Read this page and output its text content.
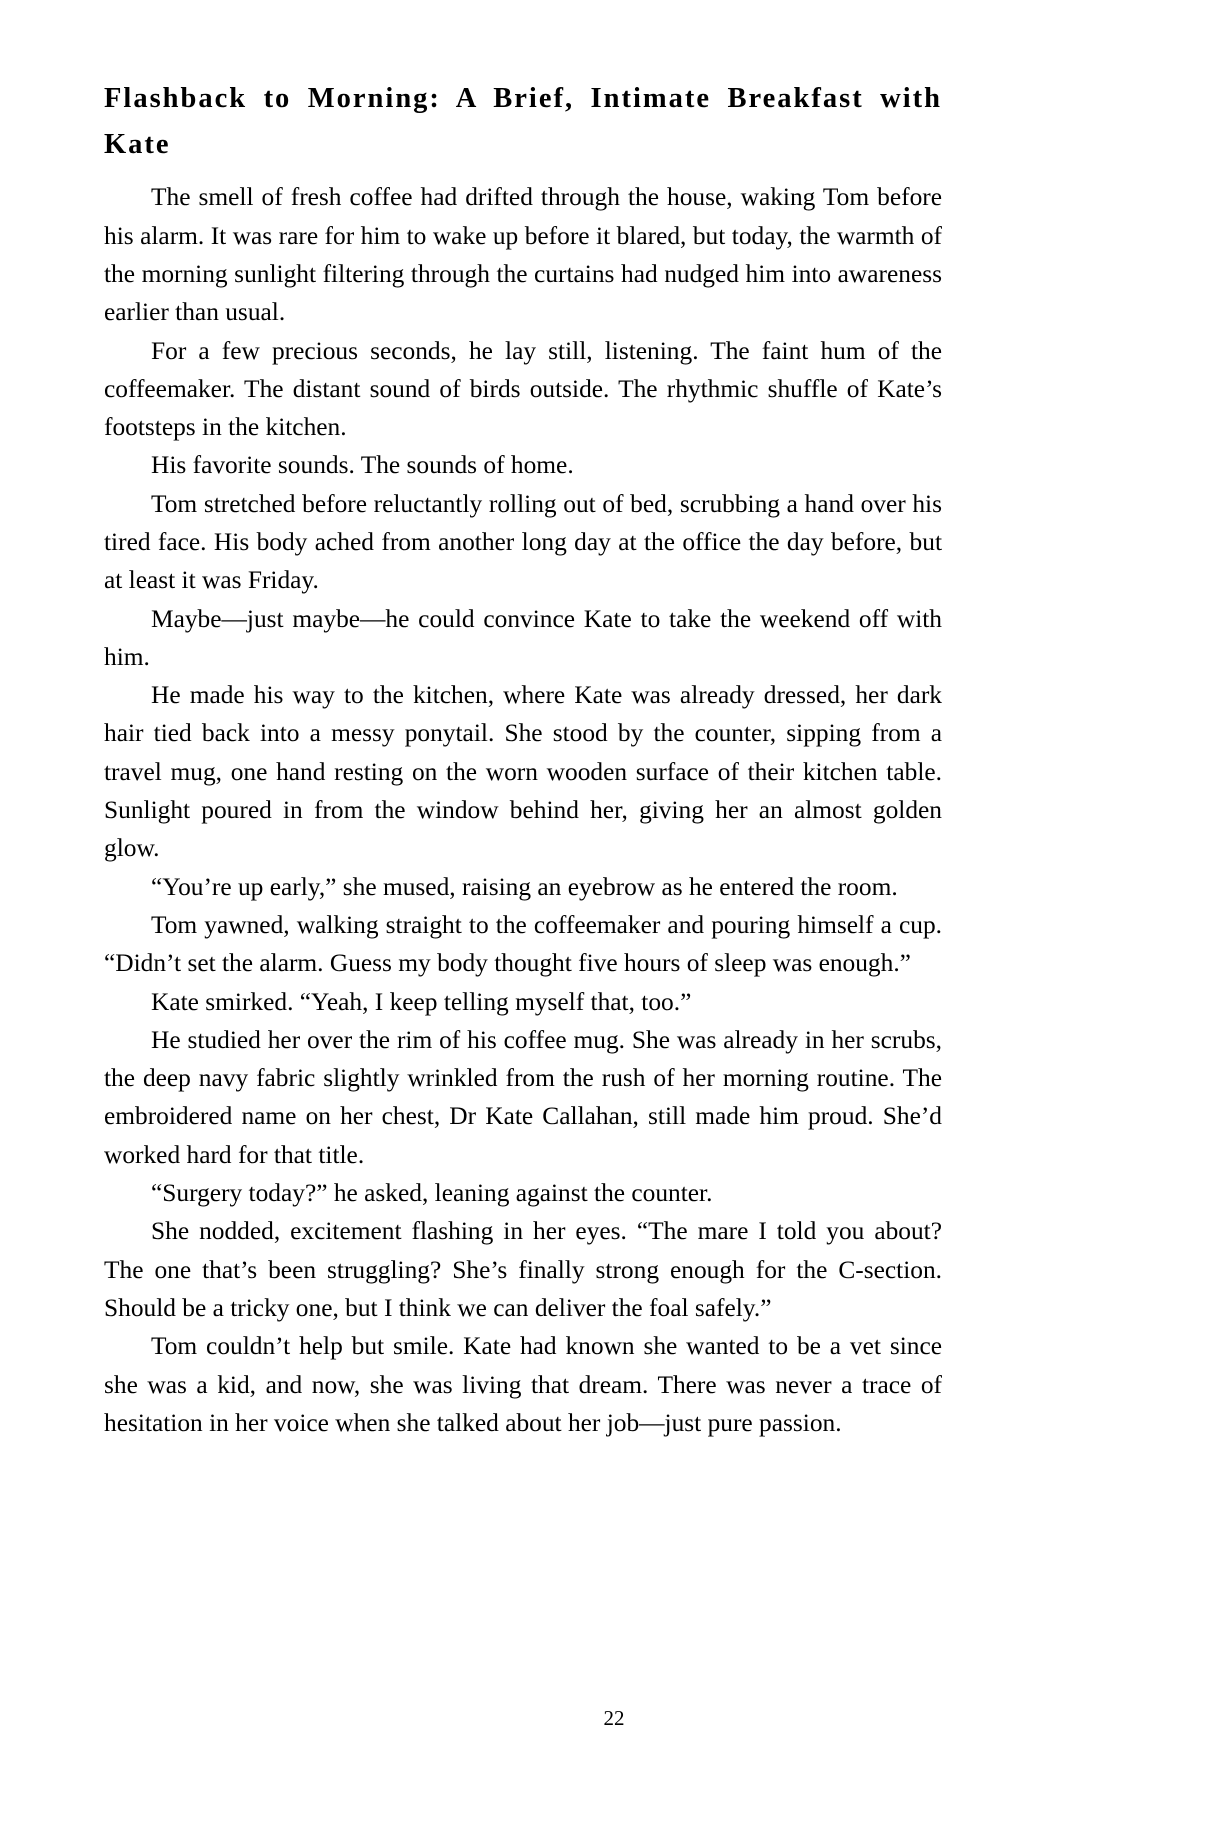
Flashback to Morning: A Brief, Intimate Breakfast with Kate

The smell of fresh coffee had drifted through the house, waking Tom before his alarm. It was rare for him to wake up before it blared, but today, the warmth of the morning sunlight filtering through the curtains had nudged him into awareness earlier than usual.

For a few precious seconds, he lay still, listening. The faint hum of the coffeemaker. The distant sound of birds outside. The rhythmic shuffle of Kate’s footsteps in the kitchen.

His favorite sounds. The sounds of home.

Tom stretched before reluctantly rolling out of bed, scrubbing a hand over his tired face. His body ached from another long day at the office the day before, but at least it was Friday.

Maybe—just maybe—he could convince Kate to take the weekend off with him.

He made his way to the kitchen, where Kate was already dressed, her dark hair tied back into a messy ponytail. She stood by the counter, sipping from a travel mug, one hand resting on the worn wooden surface of their kitchen table. Sunlight poured in from the window behind her, giving her an almost golden glow.

“You’re up early,” she mused, raising an eyebrow as he entered the room.

Tom yawned, walking straight to the coffeemaker and pouring himself a cup. “Didn’t set the alarm. Guess my body thought five hours of sleep was enough.”

Kate smirked. “Yeah, I keep telling myself that, too.”

He studied her over the rim of his coffee mug. She was already in her scrubs, the deep navy fabric slightly wrinkled from the rush of her morning routine. The embroidered name on her chest, Dr Kate Callahan, still made him proud. She’d worked hard for that title.

“Surgery today?” he asked, leaning against the counter.

She nodded, excitement flashing in her eyes. “The mare I told you about? The one that’s been struggling? She’s finally strong enough for the C-section. Should be a tricky one, but I think we can deliver the foal safely.”

Tom couldn’t help but smile. Kate had known she wanted to be a vet since she was a kid, and now, she was living that dream. There was never a trace of hesitation in her voice when she talked about her job—just pure passion.

22
